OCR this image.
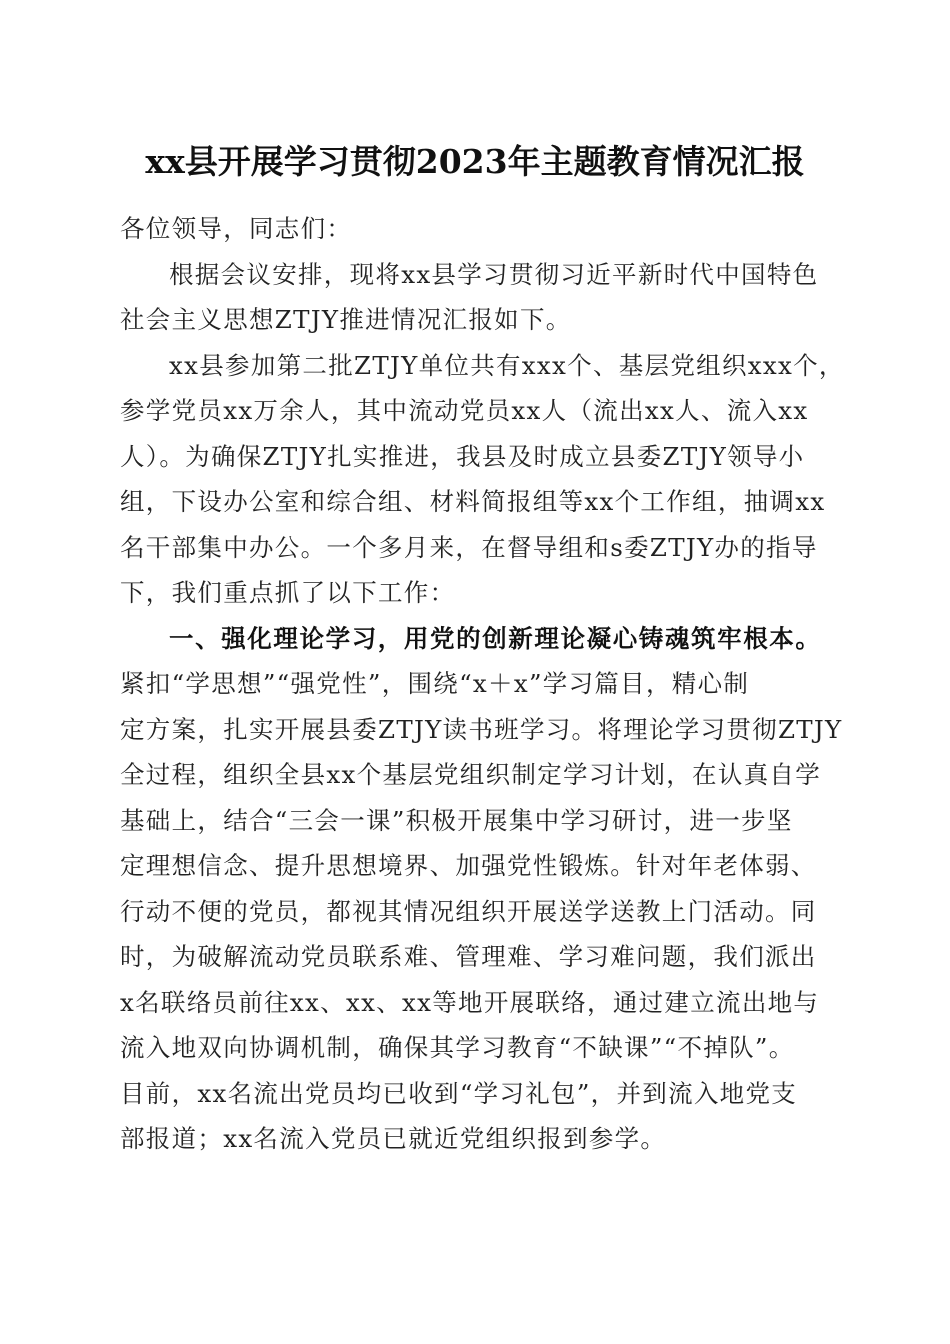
xx县开展学习贯彻2023年主题教育情况汇报
各位领导，同志们：
根据会议安排，现将xx县学习贯彻习近平新时代中国特色
社会主义思想ZTJY推进情况汇报如下。
xx县参加第二批ZTJY单位共有xxx个、基层党组织xxx个，
参学党员xx万余人，其中流动党员xx人（流出xx人、流入xx
人）。为确保ZTJY扎实推进，我县及时成立县委ZTJY领导小
组，下设办公室和综合组、材料简报组等xx个工作组，抽调xx
名干部集中办公。一个多月来，在督导组和s委ZTJY办的指导
下，我们重点抓了以下工作：
一、强化理论学习，用党的创新理论凝心铸魂筑牢根本。
紧扣“学思想”“强党性”，围绕“x＋x”学习篇目，精心制
定方案，扎实开展县委ZTJY读书班学习。将理论学习贯彻ZTJY
全过程，组织全县xx个基层党组织制定学习计划，在认真自学
基础上，结合“三会一课”积极开展集中学习研讨，进一步坚
定理想信念、提升思想境界、加强党性锻炼。针对年老体弱、
行动不便的党员，都视其情况组织开展送学送教上门活动。同
时，为破解流动党员联系难、管理难、学习难问题，我们派出
x名联络员前往xx、xx、xx等地开展联络，通过建立流出地与
流入地双向协调机制，确保其学习教育“不缺课”“不掉队”。
目前，xx名流出党员均已收到“学习礼包”，并到流入地党支
部报道；xx名流入党员已就近党组织报到参学。
